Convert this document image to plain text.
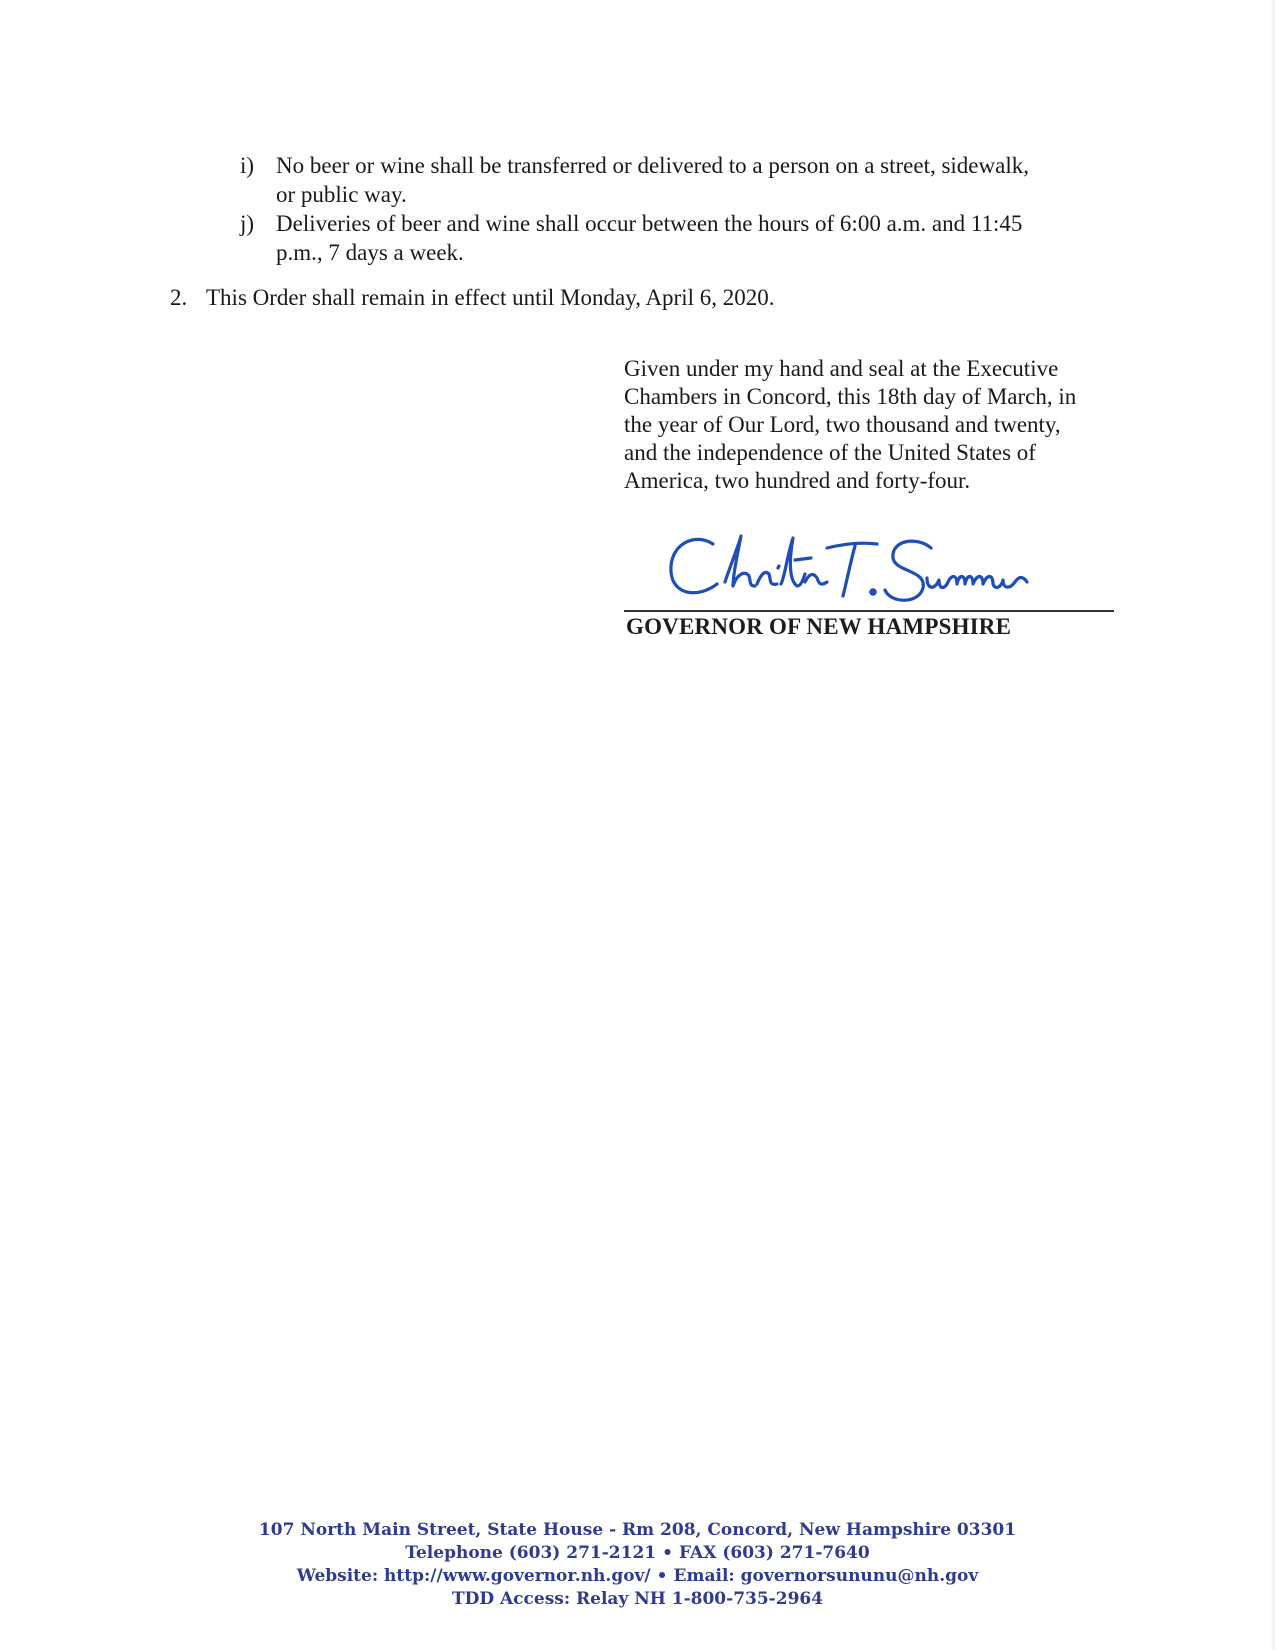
i) No beer or wine shall be transferred or delivered to a person on a street, sidewalk,
or public way.
j) Deliveries of beer and wine shall occur between the hours of 6:00 a.m. and 11:45
p.m., 7 days a week.
2. This Order shall remain in effect until Monday, April 6, 2020.
Given under my hand and seal at the Executive
Chambers in Concord, this 18th day of March, in
the year of Our Lord, two thousand and twenty,
and the independence of the United States of
America, two hundred and forty-four.
GOVERNOR OF NEW HAMPSHIRE
107 North Main Street, State House - Rm 208, Concord, New Hampshire 03301
Telephone (603) 271-2121 • FAX (603) 271-7640
Website: http://www.governor.nh.gov/ • Email: governorsununu@nh.gov
TDD Access: Relay NH 1-800-735-2964
